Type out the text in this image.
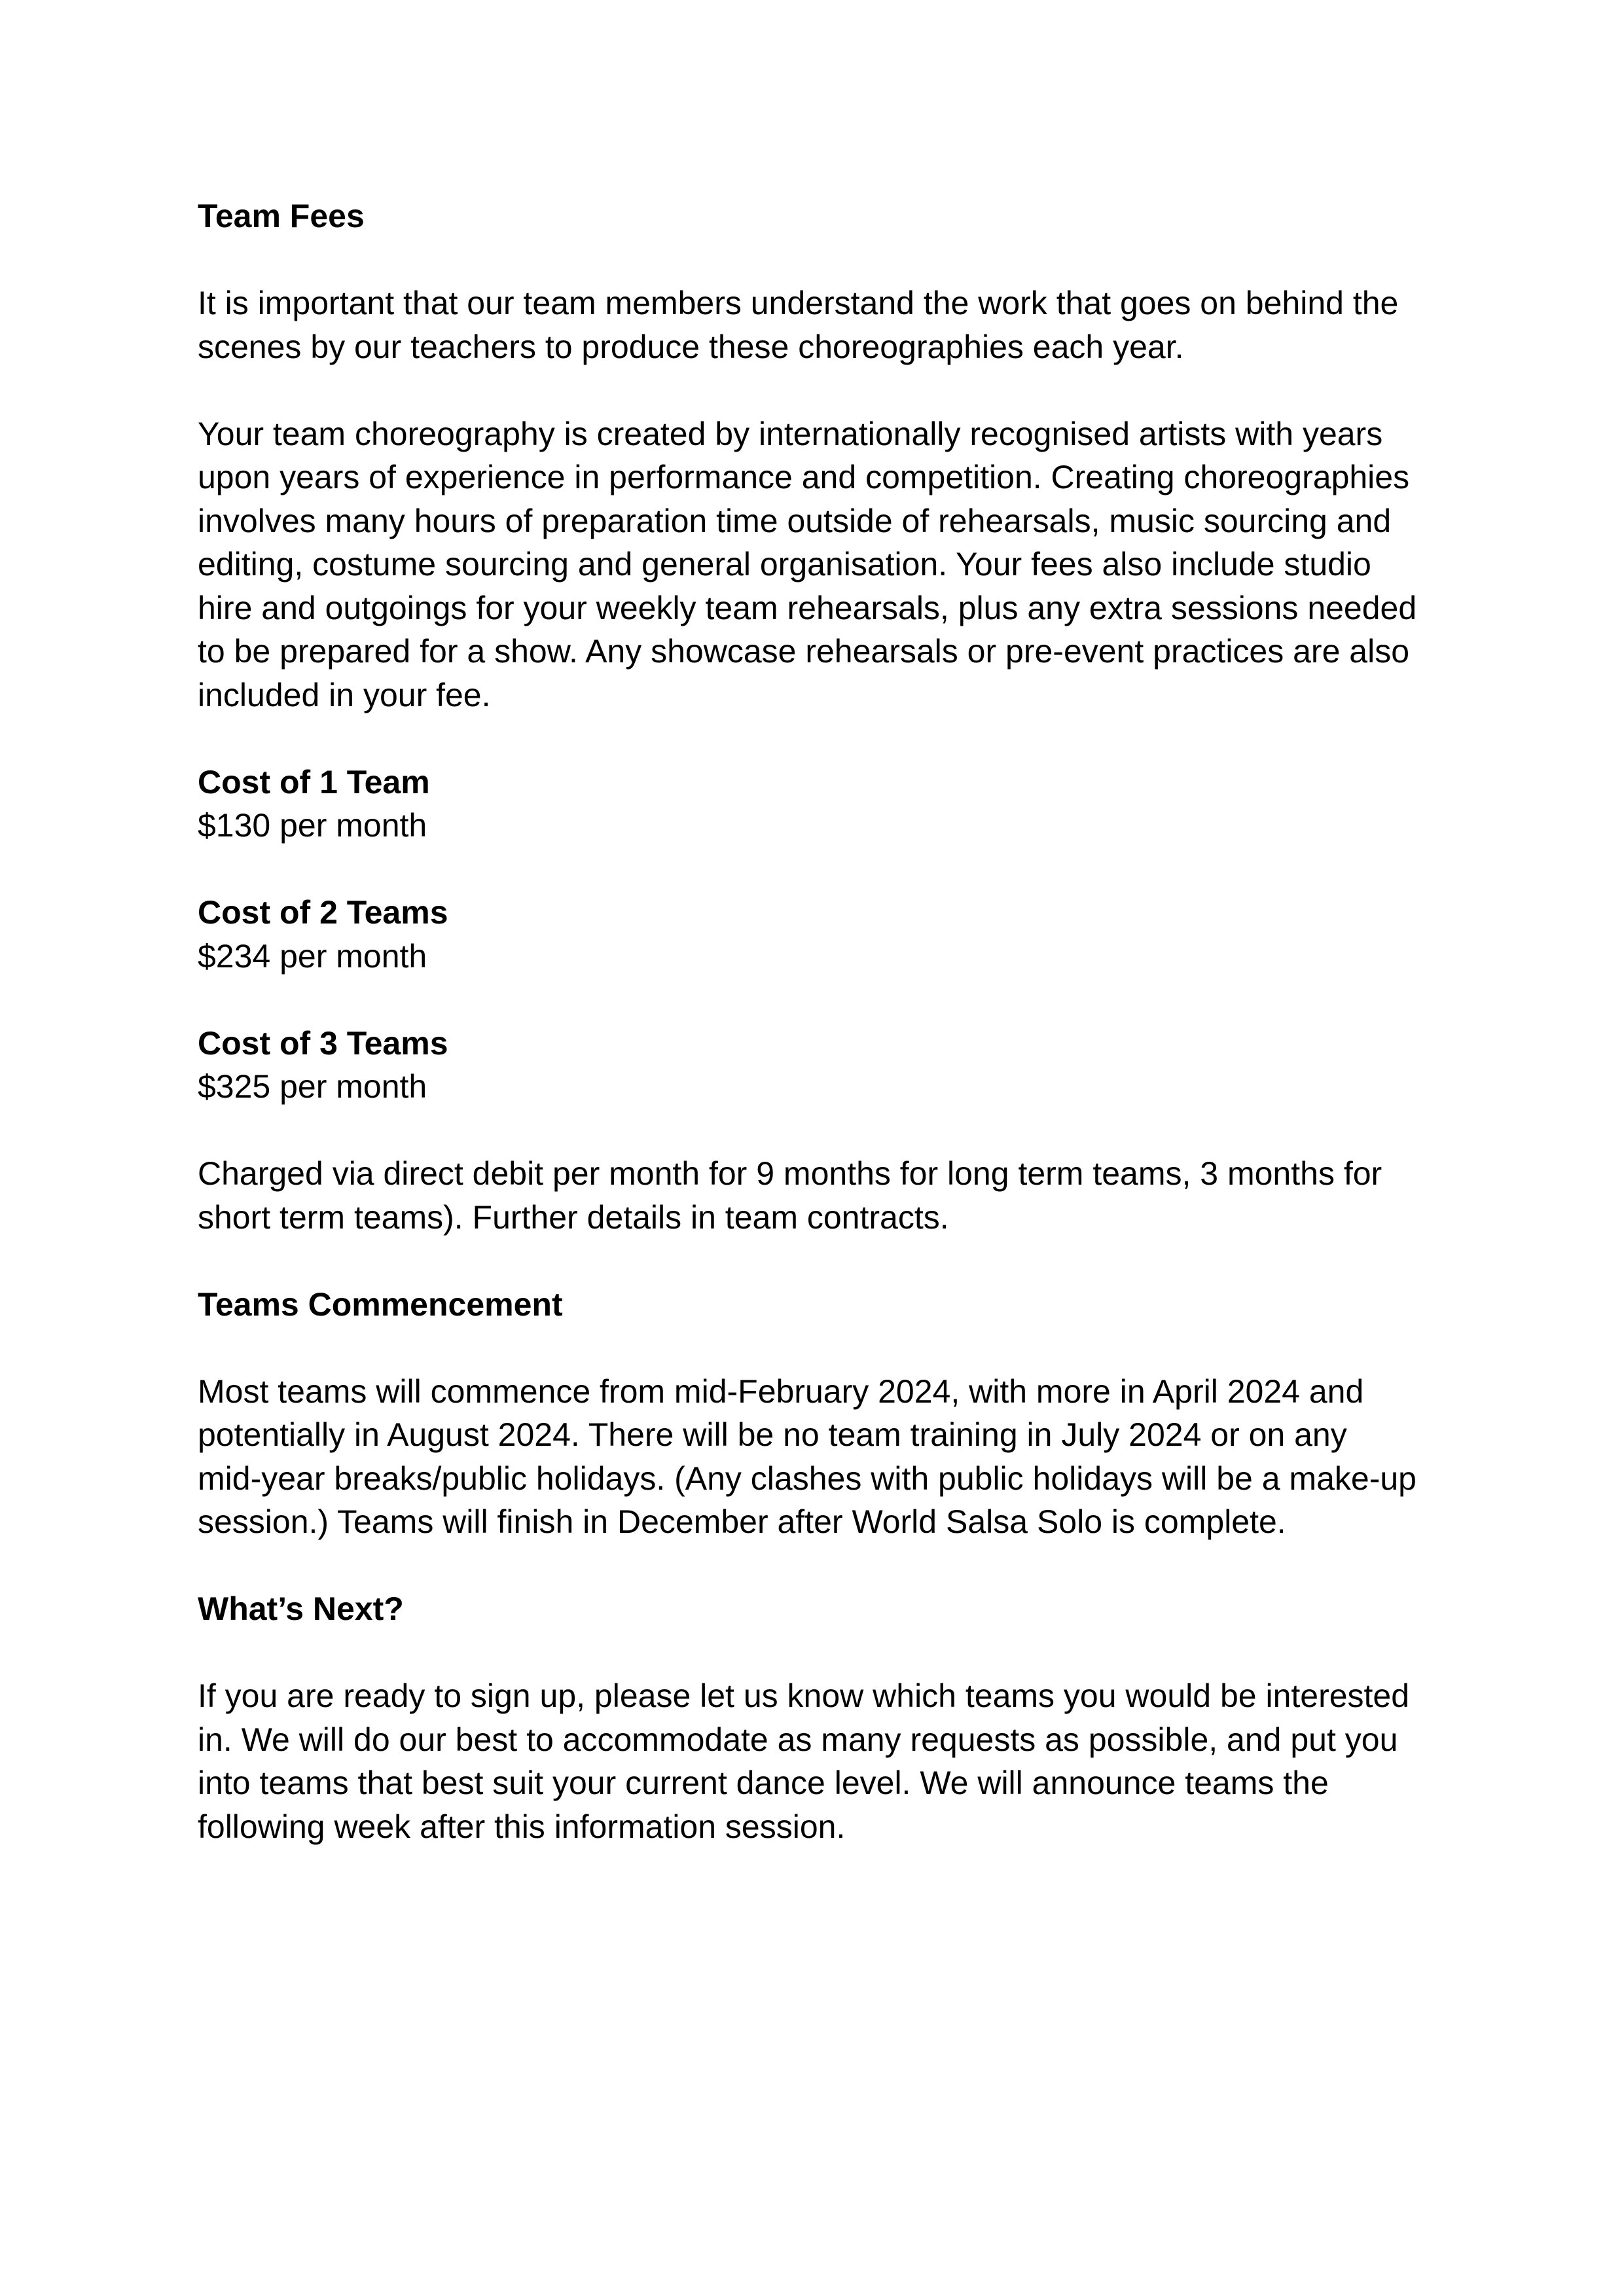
Team Fees
It is important that our team members understand the work that goes on behind the
scenes by our teachers to produce these choreographies each year.
Your team choreography is created by internationally recognised artists with years
upon years of experience in performance and competition. Creating choreographies
involves many hours of preparation time outside of rehearsals, music sourcing and
editing, costume sourcing and general organisation. Your fees also include studio
hire and outgoings for your weekly team rehearsals, plus any extra sessions needed
to be prepared for a show. Any showcase rehearsals or pre-event practices are also
included in your fee.
Cost of 1 Team
$130 per month
Cost of 2 Teams
$234 per month
Cost of 3 Teams
$325 per month
Charged via direct debit per month for 9 months for long term teams, 3 months for
short term teams). Further details in team contracts.
Teams Commencement
Most teams will commence from mid-February 2024, with more in April 2024 and
potentially in August 2024. There will be no team training in July 2024 or on any
mid-year breaks/public holidays. (Any clashes with public holidays will be a make-up
session.) Teams will finish in December after World Salsa Solo is complete.
What’s Next?
If you are ready to sign up, please let us know which teams you would be interested
in. We will do our best to accommodate as many requests as possible, and put you
into teams that best suit your current dance level. We will announce teams the
following week after this information session.
